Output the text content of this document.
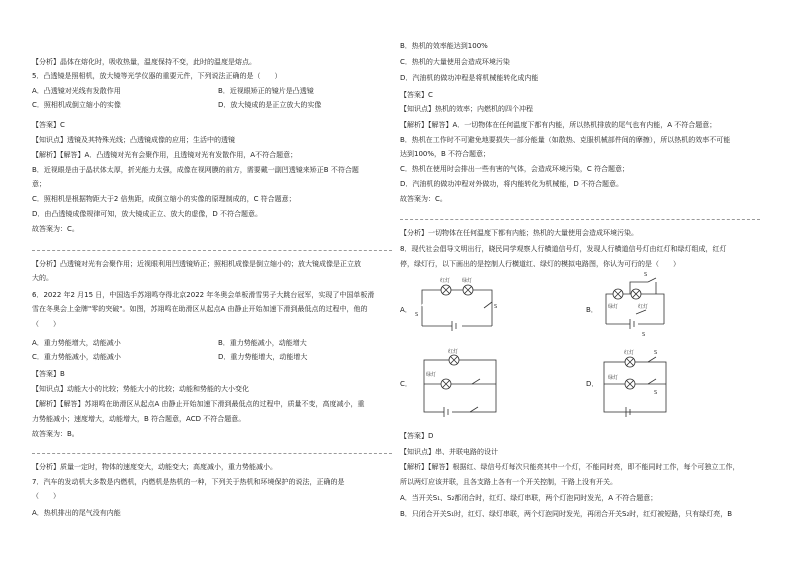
【分析】晶体在熔化时，吸收热量，温度保持不变，此时的温度是熔点。
5．凸透镜是照相机，放大镜等光学仪器的重要元件，下列说法正确的是（　　）
A．凸透镜对光线有发散作用	B．近视眼矫正的镜片是凸透镜
C．照相机成倒立缩小的实像	D．放大镜成的是正立放大的实像
【答案】C
【知识点】透镜及其特殊光线；凸透镜成像的应用；生活中的透镜
【解析】【解答】A．凸透镜对光有会聚作用，且透镜对光有发散作用，A不符合题意；
B．近视眼是由于晶状体太厚，折光能力太强，成像在视网膜的前方，需要戴一副凹透镜来矫正B 不符合题
意；
C．照相机是根据物距大于2 倍焦距，成倒立缩小的实像的原理制成的，C 符合题意；
D．由凸透镜成像规律可知，放大镜成正立、放大的虚像，D 不符合题意。
故答案为：C。
【分析】凸透镜对光有会聚作用；近视眼利用凹透镜矫正；照相机成像是倒立缩小的；放大镜成像是正立放
大的。
6．2022 年2 月15 日，中国选手苏翊鸣夺得北京2022 年冬奥会单板滑雪男子大跳台冠军，实现了中国单板滑
雪在冬奥会上金牌"零的突破"。如图，苏翊鸣在助滑区从起点A 由静止开始加速下滑到最低点的过程中，他的
（　　）
A．重力势能增大，动能减小	B．重力势能减小，动能增大
C．重力势能减小，动能减小	D．重力势能增大，动能增大
【答案】B
【知识点】动能大小的比较；势能大小的比较；动能和势能的大小变化
【解析】【解答】苏翊鸣在助滑区从起点A 由静止开始加速下滑到最低点的过程中，质量不变，高度减小，重
力势能减小；速度增大，动能增大，B 符合题意，ACD 不符合题意。
故答案为：B。
【分析】质量一定时，物体的速度变大，动能变大；高度减小，重力势能减小。
7．汽车的发动机大多数是内燃机，内燃机是热机的一种，下列关于热机和环境保护的说法，正确的是
（　　）
A．热机排出的尾气没有内能
B．热机的效率能达到100%
C．热机的大量使用会造成环境污染
D．汽油机的做功冲程是将机械能转化成内能
【答案】C
【知识点】热机的效率；内燃机的四个冲程
【解析】【解答】A．一切物体在任何温度下都有内能，所以热机排放的尾气也有内能，A 不符合题意；
B．热机在工作时不可避免地要损失一部分能量（如散热、克服机械部件间的摩擦），所以热机的效率不可能
达到100%，B 不符合题意；
C．热机在使用时会排出一些有害的气体，会造成环境污染，C 符合题意；
D．汽油机的做功冲程对外做功，将内能转化为机械能，D 不符合题意。
故答案为：C。
【分析】一切物体在任何温度下都有内能；热机的大量使用会造成环境污染。
8．现代社会倡导文明出行，晓民同学观察人行横道信号灯，发现人行横道信号灯由红灯和绿灯组成，红灯
停，绿灯行，以下画出的是控制人行横道红、绿灯的模拟电路图，你认为可行的是（　　）
A．
红灯 绿灯
S
S	B． 绿灯	红灯
S
S
C．
红灯
绿灯
D．
红灯
绿灯
S
S
【答案】D
【知识点】串、并联电路的设计
【解析】【解答】根据红、绿信号灯每次只能亮其中一个灯，不能同时亮，即不能同时工作，每个可独立工作，
所以两灯应该并联，且各支路上各有一个开关控制，干路上没有开关。
A．当开关S₁、S₂都闭合时，红灯、绿灯串联，两个灯泡同时发光，A 不符合题意；
B．只闭合开关S₁时，红灯、绿灯串联，两个灯泡同时发光，再闭合开关S₂时，红灯被短路，只有绿灯亮，B
